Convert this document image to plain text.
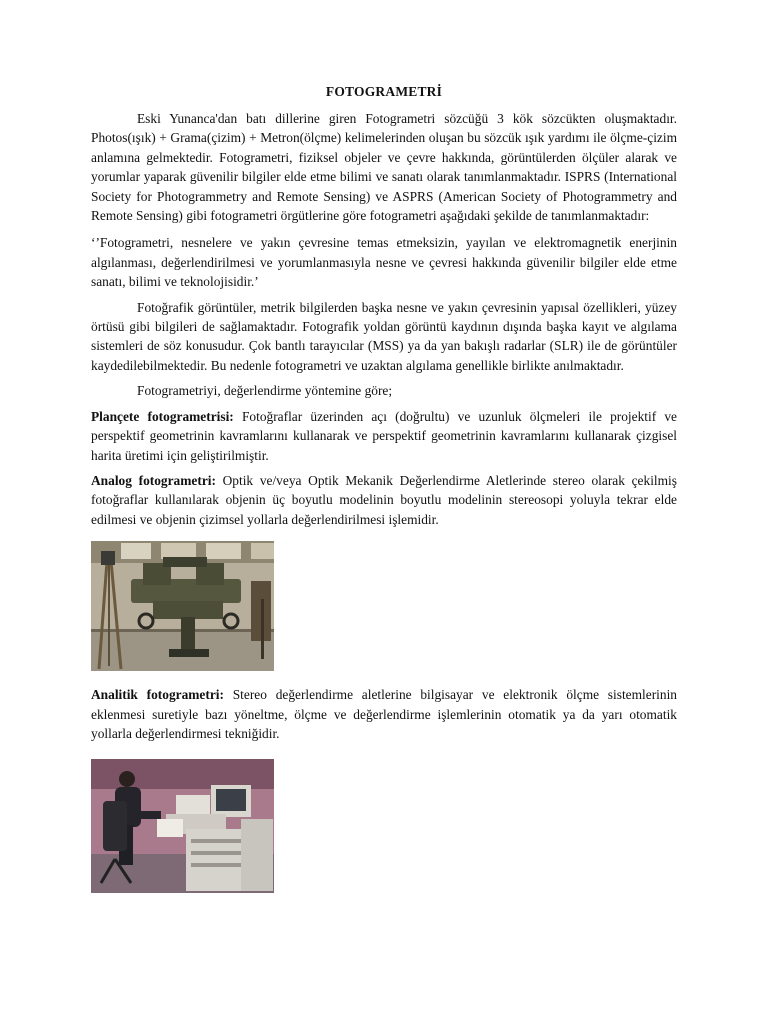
FOTOGRAMETRİ

Eski Yunanca'dan batı dillerine giren Fotogrametri sözcüğü 3 kök sözcükten oluşmaktadır. Photos(ışık) + Grama(çizim) + Metron(ölçme) kelimelerinden oluşan bu sözcük ışık yardımı ile ölçme-çizim anlamına gelmektedir. Fotogrametri, fiziksel objeler ve çevre hakkında, görüntülerden ölçüler alarak ve yorumlar yaparak güvenilir bilgiler elde etme bilimi ve sanatı olarak tanımlanmaktadır. ISPRS (International Society for Photogrammetry and Remote Sensing) ve ASPRS (American Society of Photogrammetry and Remote Sensing) gibi fotogrametri örgütlerine göre fotogrametri aşağıdaki şekilde de tanımlanmaktadır:

‘’Fotogrametri, nesnelere ve yakın çevresine temas etmeksizin, yayılan ve elektromagnetik enerjinin algılanması, değerlendirilmesi ve yorumlanmasıyla nesne ve çevresi hakkında güvenilir bilgiler elde etme sanatı, bilimi ve teknolojisidir.’

Fotoğrafik görüntüler, metrik bilgilerden başka nesne ve yakın çevresinin yapısal özellikleri, yüzey örtüsü gibi bilgileri de sağlamaktadır. Fotografik yoldan görüntü kaydının dışında başka kayıt ve algılama sistemleri de söz konusudur. Çok bantlı tarayıcılar (MSS) ya da yan bakışlı radarlar (SLR) ile de görüntüler kaydedilebilmektedir. Bu nedenle fotogrametri ve uzaktan algılama genellikle birlikte anılmaktadır.

Fotogrametriyi, değerlendirme yöntemine göre;

Plançete fotogrametrisi: Fotoğraflar üzerinden açı (doğrultu) ve uzunluk ölçmeleri ile projektif ve perspektif geometrinin kavramlarını kullanarak ve perspektif geometrinin kavramlarını kullanarak çizgisel harita üretimi için geliştirilmiştir.

Analog fotogrametri: Optik ve/veya Optik Mekanik Değerlendirme Aletlerinde stereo olarak çekilmiş fotoğraflar kullanılarak objenin üç boyutlu modelinin boyutlu modelinin stereosopi yoluyla tekrar elde edilmesi ve objenin çizimsel yollarla değerlendirilmesi işlemidir.

Analitik fotogrametri: Stereo değerlendirme aletlerine bilgisayar ve elektronik ölçme sistemlerinin eklenmesi suretiyle bazı yöneltme, ölçme ve değerlendirme işlemlerinin otomatik ya da yarı otomatik yollarla değerlendirmesi tekniğidir.
